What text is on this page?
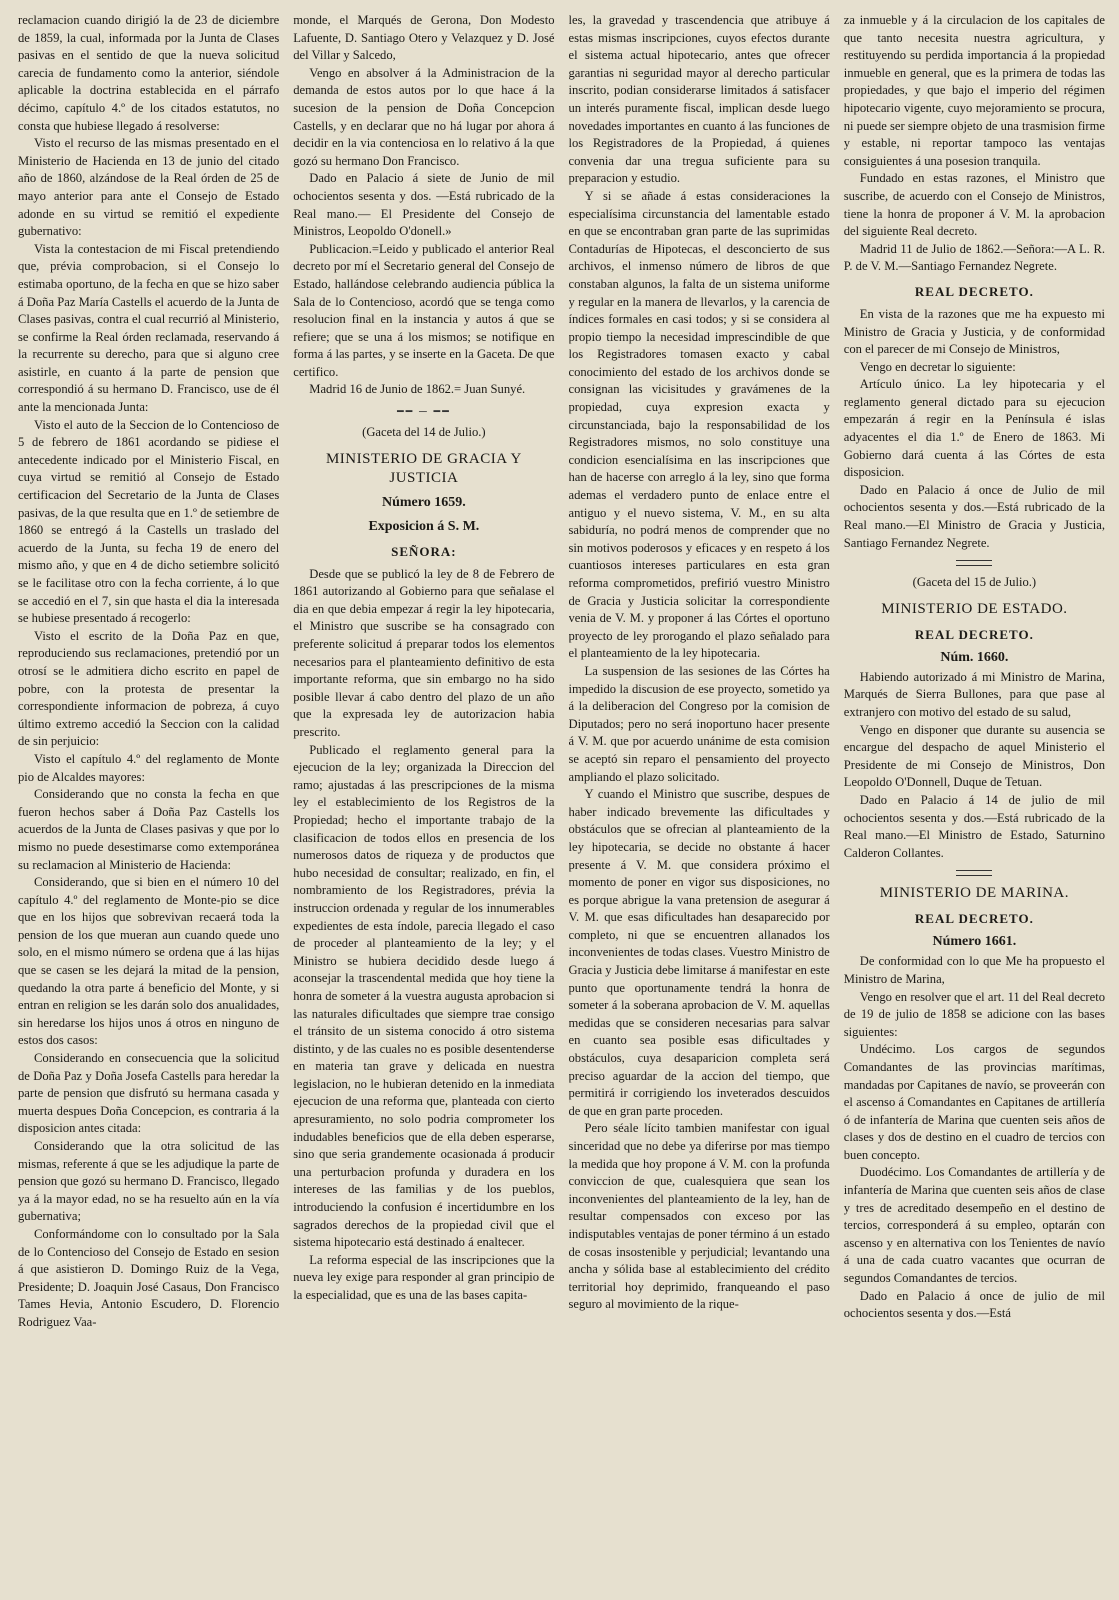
reclamacion cuando dirigió la de 23 de diciembre de 1859, la cual, informada por la Junta de Clases pasivas en el sentido de que la nueva solicitud carecia de fundamento como la anterior, siéndole aplicable la doctrina establecida en el párrafo décimo, capítulo 4.º de los citados estatutos, no consta que hubiese llegado á resolverse:

Visto el recurso de las mismas presentado en el Ministerio de Hacienda en 13 de junio del citado año de 1860, alzándose de la Real órden de 25 de mayo anterior para ante el Consejo de Estado adonde en su virtud se remitió el expediente gubernativo:

Vista la contestacion de mi Fiscal pretendiendo que, prévia comprobacion, si el Consejo lo estimaba oportuno, de la fecha en que se hizo saber á Doña Paz María Castells el acuerdo de la Junta de Clases pasivas, contra el cual recurrió al Ministerio, se confirme la Real órden reclamada, reservando á la recurrente su derecho, para que si alguno cree asistirle, en cuanto á la parte de pension que correspondió á su hermano D. Francisco, use de él ante la mencionada Junta:

Visto el auto de la Seccion de lo Contencioso de 5 de febrero de 1861 acordando se pidiese el antecedente indicado por el Ministerio Fiscal, en cuya virtud se remitió al Consejo de Estado certificacion del Secretario de la Junta de Clases pasivas, de la que resulta que en 1.º de setiembre de 1860 se entregó á la Castells un traslado del acuerdo de la Junta, su fecha 19 de enero del mismo año, y que en 4 de dicho setiembre solicitó se le facilitase otro con la fecha corriente, á lo que se accedió en el 7, sin que hasta el dia la interesada se hubiese presentado á recogerlo:

Visto el escrito de la Doña Paz en que, reproduciendo sus reclamaciones, pretendió por un otrosí se le admitiera dicho escrito en papel de pobre, con la protesta de presentar la correspondiente informacion de pobreza, á cuyo último extremo accedió la Seccion con la calidad de sin perjuicio:

Visto el capítulo 4.º del reglamento de Monte pio de Alcaldes mayores:

Considerando que no consta la fecha en que fueron hechos saber á Doña Paz Castells los acuerdos de la Junta de Clases pasivas y que por lo mismo no puede desestimarse como extemporánea su reclamacion al Ministerio de Hacienda:

Considerando, que si bien en el número 10 del capítulo 4.º del reglamento de Monte-pio se dice que en los hijos que sobrevivan recaerá toda la pension de los que mueran aun cuando quede uno solo, en el mismo número se ordena que á las hijas que se casen se les dejará la mitad de la pension, quedando la otra parte á beneficio del Monte, y si entran en religion se les darán solo dos anualidades, sin heredarse los hijos unos á otros en ninguno de estos dos casos:

Considerando en consecuencia que la solicitud de Doña Paz y Doña Josefa Castells para heredar la parte de pension que disfrutó su hermana casada y muerta despues Doña Concepcion, es contraria á la disposicion antes citada:

Considerando que la otra solicitud de las mismas, referente á que se les adjudique la parte de pension que gozó su hermano D. Francisco, llegado ya á la mayor edad, no se ha resuelto aún en la vía gubernativa;

Conformándome con lo consultado por la Sala de lo Contencioso del Consejo de Estado en sesion á que asistieron D. Domingo Ruiz de la Vega, Presidente; D. Joaquin José Casaus, Don Francisco Tames Hevia, Antonio Escudero, D. Florencio Rodriguez Vaa-

monde, el Marqués de Gerona, Don Modesto Lafuente, D. Santiago Otero y Velazquez y D. José del Villar y Salcedo,

Vengo en absolver á la Administracion de la demanda de estos autos por lo que hace á la sucesion de la pension de Doña Concepcion Castells, y en declarar que no há lugar por ahora á decidir en la via contenciosa en lo relativo á la que gozó su hermano Don Francisco.

Dado en Palacio á siete de Junio de mil ochocientos sesenta y dos. —Está rubricado de la Real mano.— El Presidente del Consejo de Ministros, Leopoldo O'donell.»

Publicacion.=Leido y publicado el anterior Real decreto por mí el Secretario general del Consejo de Estado, hallándose celebrando audiencia pública la Sala de lo Contencioso, acordó que se tenga como resolucion final en la instancia y autos á que se refiere; que se una á los mismos; se notifique en forma á las partes, y se inserte en la Gaceta. De que certifico.

Madrid 16 de Junio de 1862.= Juan Sunyé.

━━ ─ ━━

(Gaceta del 14 de Julio.)

MINISTERIO DE GRACIA Y JUSTICIA
Número 1659.
Exposicion á S. M.
SEÑORA:

Desde que se publicó la ley de 8 de Febrero de 1861 autorizando al Gobierno para que señalase el dia en que debia empezar á regir la ley hipotecaria, el Ministro que suscribe se ha consagrado con preferente solicitud á preparar todos los elementos necesarios para el planteamiento definitivo de esta importante reforma, que sin embargo no ha sido posible llevar á cabo dentro del plazo de un año que la expresada ley de autorizacion habia prescrito.

Publicado el reglamento general para la ejecucion de la ley; organizada la Direccion del ramo; ajustadas á las prescripciones de la misma ley el establecimiento de los Registros de la Propiedad; hecho el importante trabajo de la clasificacion de todos ellos en presencia de los numerosos datos de riqueza y de productos que hubo necesidad de consultar; realizado, en fin, el nombramiento de los Registradores, prévia la instruccion ordenada y regular de los innumerables expedientes de esta índole, parecia llegado el caso de proceder al planteamiento de la ley; y el Ministro se hubiera decidido desde luego á aconsejar la trascendental medida que hoy tiene la honra de someter á la vuestra augusta aprobacion si las naturales dificultades que siempre trae consigo el tránsito de un sistema conocido á otro sistema distinto, y de las cuales no es posible desentenderse en materia tan grave y delicada en nuestra legislacion, no le hubieran detenido en la inmediata ejecucion de una reforma que, planteada con cierto apresuramiento, no solo podria comprometer los indudables beneficios que de ella deben esperarse, sino que seria grandemente ocasionada á producir una perturbacion profunda y duradera en los intereses de las familias y de los pueblos, introduciendo la confusion é incertidumbre en los sagrados derechos de la propiedad civil que el sistema hipotecario está destinado á enaltecer.

La reforma especial de las inscripciones que la nueva ley exige para responder al gran principio de la especialidad, que es una de las bases capita-

les, la gravedad y trascendencia que atribuye á estas mismas inscripciones, cuyos efectos durante el sistema actual hipotecario, antes que ofrecer garantias ni seguridad mayor al derecho particular inscrito, podian considerarse limitados á satisfacer un interés puramente fiscal, implican desde luego novedades importantes en cuanto á las funciones de los Registradores de la Propiedad, á quienes convenia dar una tregua suficiente para su preparacion y estudio.

Y si se añade á estas consideraciones la especialísima circunstancia del lamentable estado en que se encontraban gran parte de las suprimidas Contadurías de Hipotecas, el desconcierto de sus archivos, el inmenso número de libros de que constaban algunos, la falta de un sistema uniforme y regular en la manera de llevarlos, y la carencia de índices formales en casi todos; y si se considera al propio tiempo la necesidad imprescindible de que los Registradores tomasen exacto y cabal conocimiento del estado de los archivos donde se consignan las vicisitudes y gravámenes de la propiedad, cuya expresion exacta y circunstanciada, bajo la responsabilidad de los Registradores mismos, no solo constituye una condicion esencialísima en las inscripciones que han de hacerse con arreglo á la ley, sino que forma ademas el verdadero punto de enlace entre el antiguo y el nuevo sistema, V. M., en su alta sabiduría, no podrá menos de comprender que no sin motivos poderosos y eficaces y en respeto á los cuantiosos intereses particulares en esta gran reforma comprometidos, prefirió vuestro Ministro de Gracia y Justicia solicitar la correspondiente venia de V. M. y proponer á las Córtes el oportuno proyecto de ley prorogando el plazo señalado para el planteamiento de la ley hipotecaria.

La suspension de las sesiones de las Córtes ha impedido la discusion de ese proyecto, sometido ya á la deliberacion del Congreso por la comision de Diputados; pero no será inoportuno hacer presente á V. M. que por acuerdo unánime de esta comision se aceptó sin reparo el pensamiento del proyecto ampliando el plazo solicitado.

Y cuando el Ministro que suscribe, despues de haber indicado brevemente las dificultades y obstáculos que se ofrecian al planteamiento de la ley hipotecaria, se decide no obstante á hacer presente á V. M. que considera próximo el momento de poner en vigor sus disposiciones, no es porque abrigue la vana pretension de asegurar á V. M. que esas dificultades han desaparecido por completo, ni que se encuentren allanados los inconvenientes de todas clases. Vuestro Ministro de Gracia y Justicia debe limitarse á manifestar en este punto que oportunamente tendrá la honra de someter á la soberana aprobacion de V. M. aquellas medidas que se consideren necesarias para salvar en cuanto sea posible esas dificultades y obstáculos, cuya desaparicion completa será preciso aguardar de la accion del tiempo, que permitirá ir corrigiendo los inveterados descuidos de que en gran parte proceden.

Pero séale lícito tambien manifestar con igual sinceridad que no debe ya diferirse por mas tiempo la medida que hoy propone á V. M. con la profunda conviccion de que, cualesquiera que sean los inconvenientes del planteamiento de la ley, han de resultar compensados con exceso por las indisputables ventajas de poner término á un estado de cosas insostenible y perjudicial; levantando una ancha y sólida base al establecimiento del crédito territorial hoy deprimido, franqueando el paso seguro al movimiento de la rique-

za inmueble y á la circulacion de los capitales de que tanto necesita nuestra agricultura, y restituyendo su perdida importancia á la propiedad inmueble en general, que es la primera de todas las propiedades, y que bajo el imperio del régimen hipotecario vigente, cuyo mejoramiento se procura, ni puede ser siempre objeto de una trasmision firme y estable, ni reportar tampoco las ventajas consiguientes á una posesion tranquila.

Fundado en estas razones, el Ministro que suscribe, de acuerdo con el Consejo de Ministros, tiene la honra de proponer á V. M. la aprobacion del siguiente Real decreto.

Madrid 11 de Julio de 1862.—Señora:—A L. R. P. de V. M.—Santiago Fernandez Negrete.

REAL DECRETO.

En vista de la razones que me ha expuesto mi Ministro de Gracia y Justicia, y de conformidad con el parecer de mi Consejo de Ministros,

Vengo en decretar lo siguiente:

Artículo único. La ley hipotecaria y el reglamento general dictado para su ejecucion empezarán á regir en la Península é islas adyacentes el dia 1.º de Enero de 1863. Mi Gobierno dará cuenta á las Córtes de esta disposicion.

Dado en Palacio á once de Julio de mil ochocientos sesenta y dos.—Está rubricado de la Real mano.—El Ministro de Gracia y Justicia, Santiago Fernandez Negrete.

(Gaceta del 15 de Julio.)

MINISTERIO DE ESTADO.
REAL DECRETO.
Núm. 1660.

Habiendo autorizado á mi Ministro de Marina, Marqués de Sierra Bullones, para que pase al extranjero con motivo del estado de su salud,

Vengo en disponer que durante su ausencia se encargue del despacho de aquel Ministerio el Presidente de mi Consejo de Ministros, Don Leopoldo O'Donnell, Duque de Tetuan.

Dado en Palacio á 14 de julio de mil ochocientos sesenta y dos.—Está rubricado de la Real mano.—El Ministro de Estado, Saturnino Calderon Collantes.

MINISTERIO DE MARINA.
REAL DECRETO.
Número 1661.

De conformidad con lo que Me ha propuesto el Ministro de Marina,

Vengo en resolver que el art. 11 del Real decreto de 19 de julio de 1858 se adicione con las bases siguientes:

Undécimo. Los cargos de segundos Comandantes de las provincias marítimas, mandadas por Capitanes de navío, se proveerán con el ascenso á Comandantes en Capitanes de artillería ó de infantería de Marina que cuenten seis años de clases y dos de destino en el cuadro de tercios con buen concepto.

Duodécimo. Los Comandantes de artillería y de infantería de Marina que cuenten seis años de clase y tres de acreditado desempeño en el destino de tercios, corresponderá á su empleo, optarán con ascenso y en alternativa con los Tenientes de navío á una de cada cuatro vacantes que ocurran de segundos Comandantes de tercios.

Dado en Palacio á once de julio de mil ochocientos sesenta y dos.—Está
